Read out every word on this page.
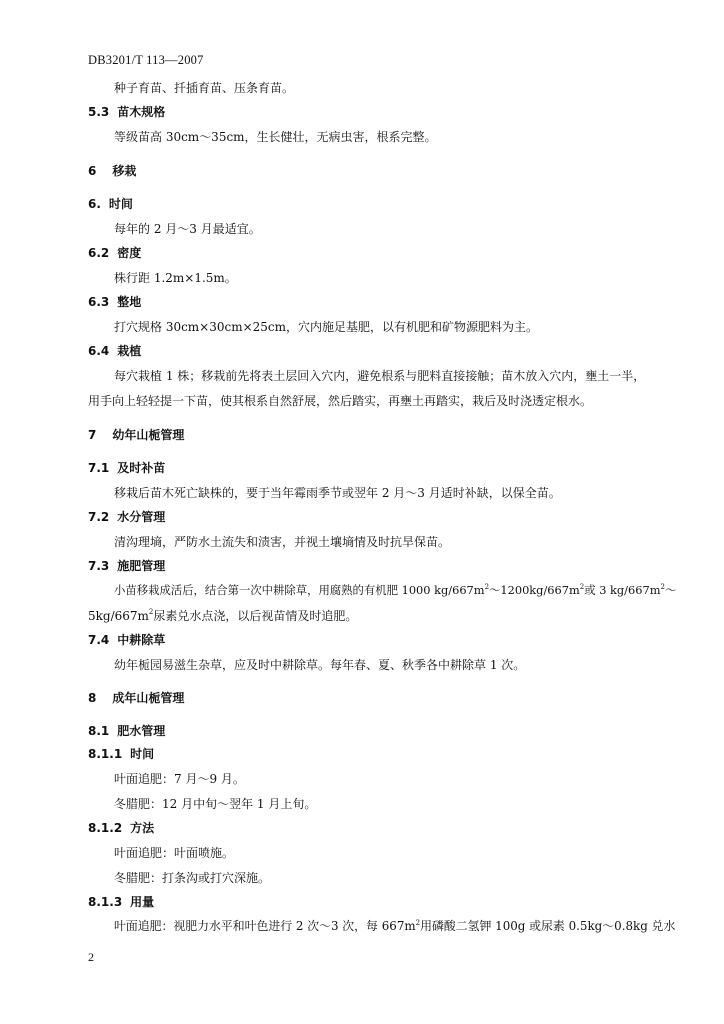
DB3201/T 113—2007
种子育苗、扦插育苗、压条育苗。
5.3 苗木规格
等级苗高 30cm～35cm，生长健壮，无病虫害，根系完整。
6 移栽
6. 时间
每年的 2 月～3 月最适宜。
6.2 密度
株行距 1.2m×1.5m。
6.3 整地
打穴规格 30cm×30cm×25cm，穴内施足基肥，以有机肥和矿物源肥料为主。
6.4 栽植
每穴栽植 1 株；移栽前先将表土层回入穴内，避免根系与肥料直接接触；苗木放入穴内，壅土一半，
用手向上轻轻提一下苗，使其根系自然舒展，然后踏实，再壅土再踏实，栽后及时浇透定根水。
7 幼年山栀管理
7.1 及时补苗
移栽后苗木死亡缺株的，要于当年霉雨季节或翌年 2 月～3 月适时补缺，以保全苗。
7.2 水分管理
清沟理墒，严防水土流失和渍害，并视土壤墒情及时抗旱保苗。
7.3 施肥管理
小苗移栽成活后，结合第一次中耕除草，用腐熟的有机肥 1000 $kg/667m^2\sim 1200kg/667m^2$或 3 $kg/667m^2\sim$
$5kg/667m^2$尿素兑水点浇，以后视苗情及时追肥。
7.4 中耕除草
幼年栀园易滋生杂草，应及时中耕除草。每年春、夏、秋季各中耕除草 1 次。
8 成年山栀管理
8.1 肥水管理
8.1.1 时间
叶面追肥：7 月～9 月。
冬腊肥：12 月中旬～翌年 1 月上旬。
8.1.2 方法
叶面追肥：叶面喷施。
冬腊肥：打条沟或打穴深施。
8.1.3 用量
叶面追肥：视肥力水平和叶色进行 2 次～3 次，每 $667m^2$用磷酸二氢钾 100g 或尿素 0.5kg～0.8kg 兑水
2
